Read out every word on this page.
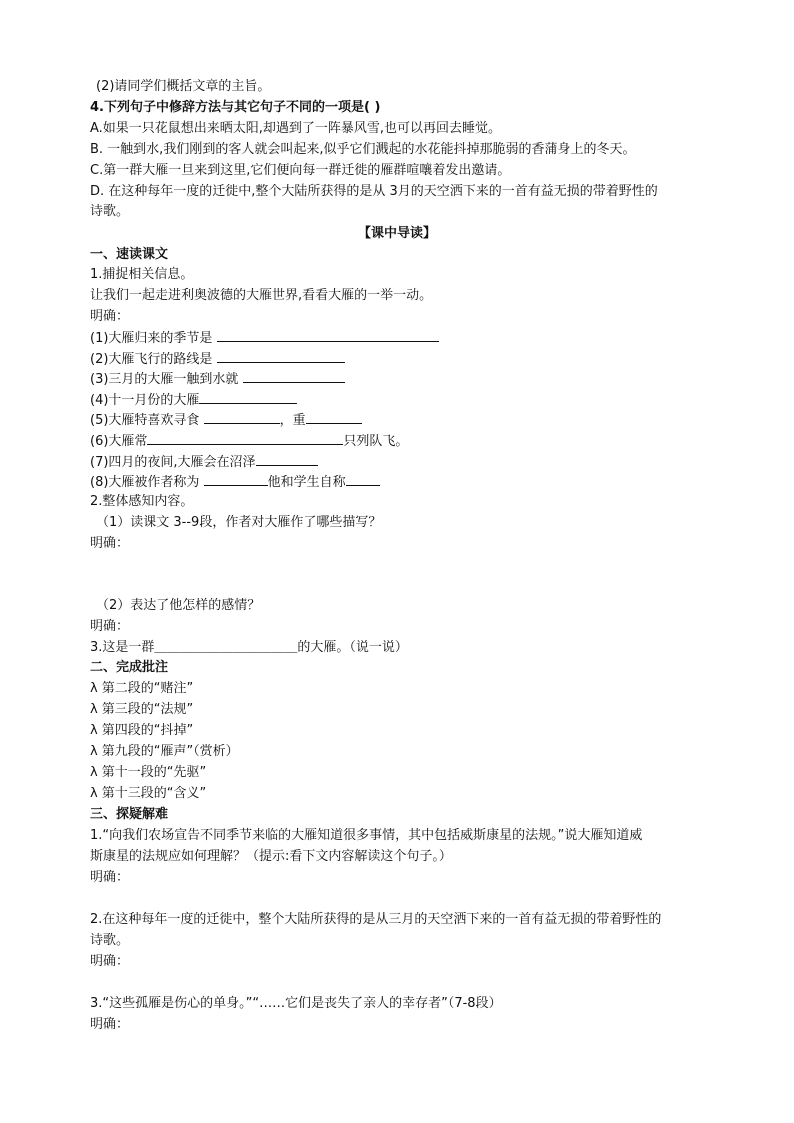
(2)请同学们概括文章的主旨。
4.下列句子中修辞方法与其它句子不同的一项是( )
A.如果一只花鼠想出来晒太阳,却遇到了一阵暴风雪,也可以再回去睡觉。
B. 一触到水,我们刚到的客人就会叫起来,似乎它们溅起的水花能抖掉那脆弱的香蒲身上的冬天。
C.第一群大雁一旦来到这里,它们便向每一群迁徙的雁群喧嚷着发出邀请。
D. 在这种每年一度的迁徙中,整个大陆所获得的是从 3月的天空洒下来的一首有益无损的带着野性的
诗歌。
【课中导读】
一、速读课文
1.捕捉相关信息。
让我们一起走进利奥波德的大雁世界,看看大雁的一举一动。
明确：
(1)大雁归来的季节是
(2)大雁飞行的路线是
(3)三月的大雁一触到水就
(4)十一月份的大雁
(5)大雁特喜欢寻食	，重
(6)大雁常	只列队飞。
(7)四月的夜间,大雁会在沼泽
(8)大雁被作者称为	他和学生自称
2.整体感知内容。
（1）读课文 3--9段，作者对大雁作了哪些描写？
明确：
（2）表达了他怎样的感情？
明确：
3.这是一群＿＿＿＿＿＿＿＿＿＿＿的大雁。（说一说）
二、完成批注
λ 第二段的“赌注”
λ 第三段的“法规”
λ 第四段的“抖掉”
λ 第九段的“雁声”（赏析）
λ 第十一段的“先驱”
λ 第十三段的“含义”
三、探疑解难
1.“向我们农场宣告不同季节来临的大雁知道很多事情，其中包括威斯康星的法规。”说大雁知道威
斯康星的法规应如何理解？（提示:看下文内容解读这个句子。）
明确：
2.在这种每年一度的迁徙中，整个大陆所获得的是从三月的天空洒下来的一首有益无损的带着野性的
诗歌。
明确：
3.“这些孤雁是伤心的单身。”“……它们是丧失了亲人的幸存者”（7-8段）
明确：
